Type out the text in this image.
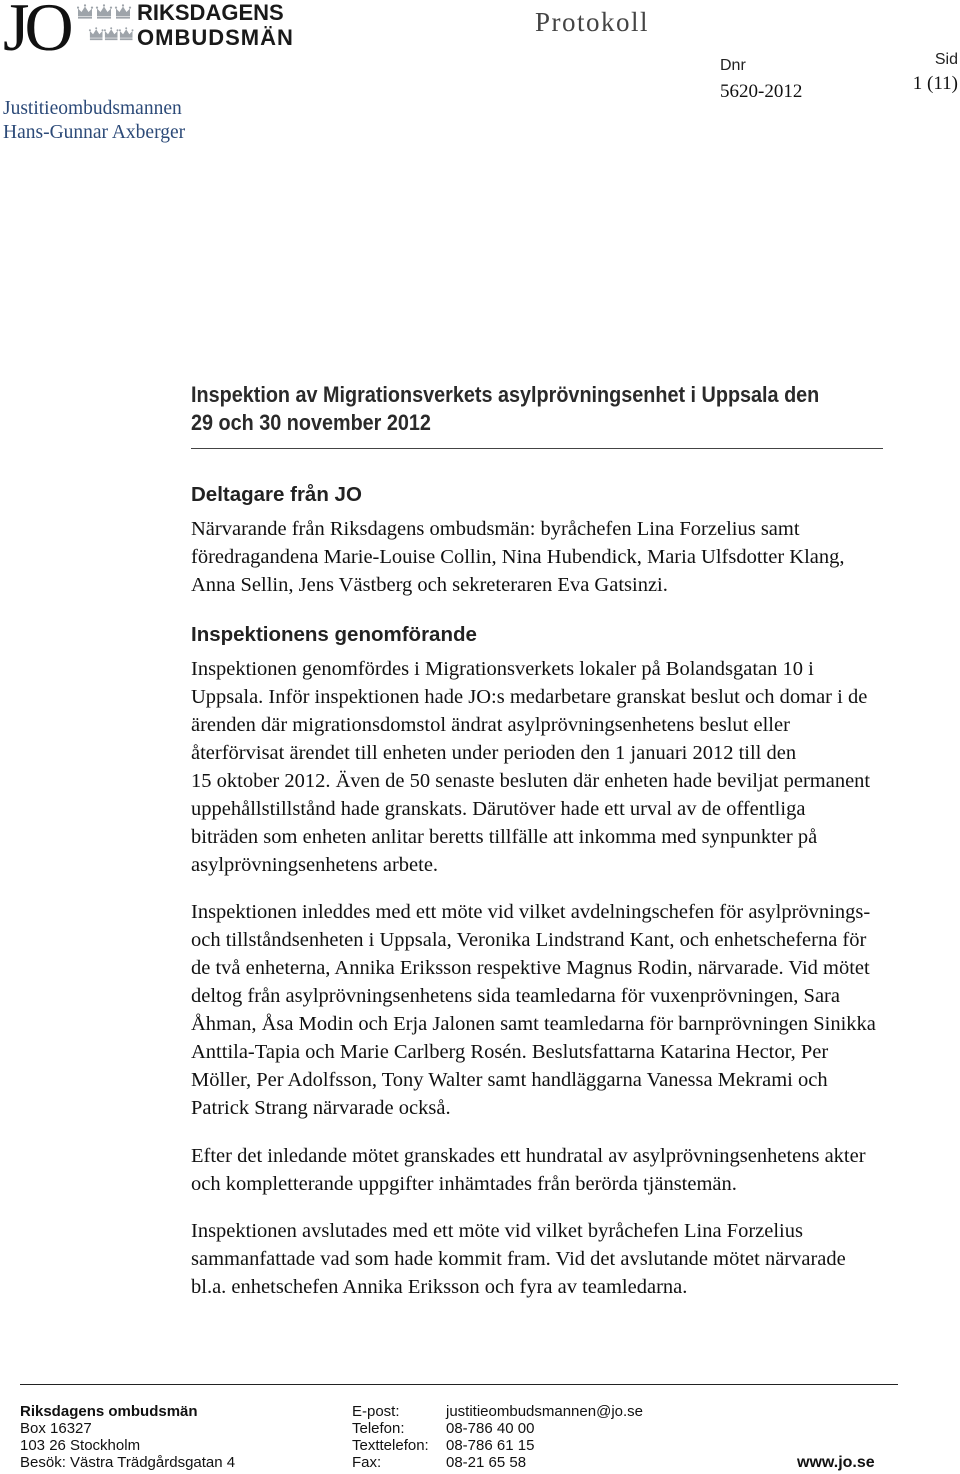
JO	RIKSDAGENS
OMBUDSMÄN
Protokoll
Dnr
5620-2012
Sid
1 (11)
Justitieombudsmannen
Hans-Gunnar Axberger
Inspektion av Migrationsverkets asylprövningsenhet i Uppsala den
29 och 30 november 2012
Deltagare från JO
Närvarande från Riksdagens ombudsmän: byråchefen Lina Forzelius samt
föredragandena Marie-Louise Collin, Nina Hubendick, Maria Ulfsdotter Klang,
Anna Sellin, Jens Västberg och sekreteraren Eva Gatsinzi.
Inspektionens genomförande
Inspektionen genomfördes i Migrationsverkets lokaler på Bolandsgatan 10 i
Uppsala. Inför inspektionen hade JO:s medarbetare granskat beslut och domar i de
ärenden där migrationsdomstol ändrat asylprövningsenhetens beslut eller
återförvisat ärendet till enheten under perioden den 1 januari 2012 till den
15 oktober 2012. Även de 50 senaste besluten där enheten hade beviljat permanent
uppehållstillstånd hade granskats. Därutöver hade ett urval av de offentliga
biträden som enheten anlitar beretts tillfälle att inkomma med synpunkter på
asylprövningsenhetens arbete.
Inspektionen inleddes med ett möte vid vilket avdelningschefen för asylprövnings-
och tillståndsenheten i Uppsala, Veronika Lindstrand Kant, och enhetscheferna för
de två enheterna, Annika Eriksson respektive Magnus Rodin, närvarade. Vid mötet
deltog från asylprövningsenhetens sida teamledarna för vuxenprövningen, Sara
Åhman, Åsa Modin och Erja Jalonen samt teamledarna för barnprövningen Sinikka
Anttila-Tapia och Marie Carlberg Rosén. Beslutsfattarna Katarina Hector, Per
Möller, Per Adolfsson, Tony Walter samt handläggarna Vanessa Mekrami och
Patrick Strang närvarade också.
Efter det inledande mötet granskades ett hundratal av asylprövningsenhetens akter
och kompletterande uppgifter inhämtades från berörda tjänstemän.
Inspektionen avslutades med ett möte vid vilket byråchefen Lina Forzelius
sammanfattade vad som hade kommit fram. Vid det avslutande mötet närvarade
bl.a. enhetschefen Annika Eriksson och fyra av teamledarna.
Riksdagens ombudsmän
Box 16327
103 26 Stockholm
Besök: Västra Trädgårdsgatan 4
E-post:
Telefon:
Texttelefon:
Fax:
justitieombudsmannen@jo.se
08-786 40 00
08-786 61 15
08-21 65 58	www.jo.se
